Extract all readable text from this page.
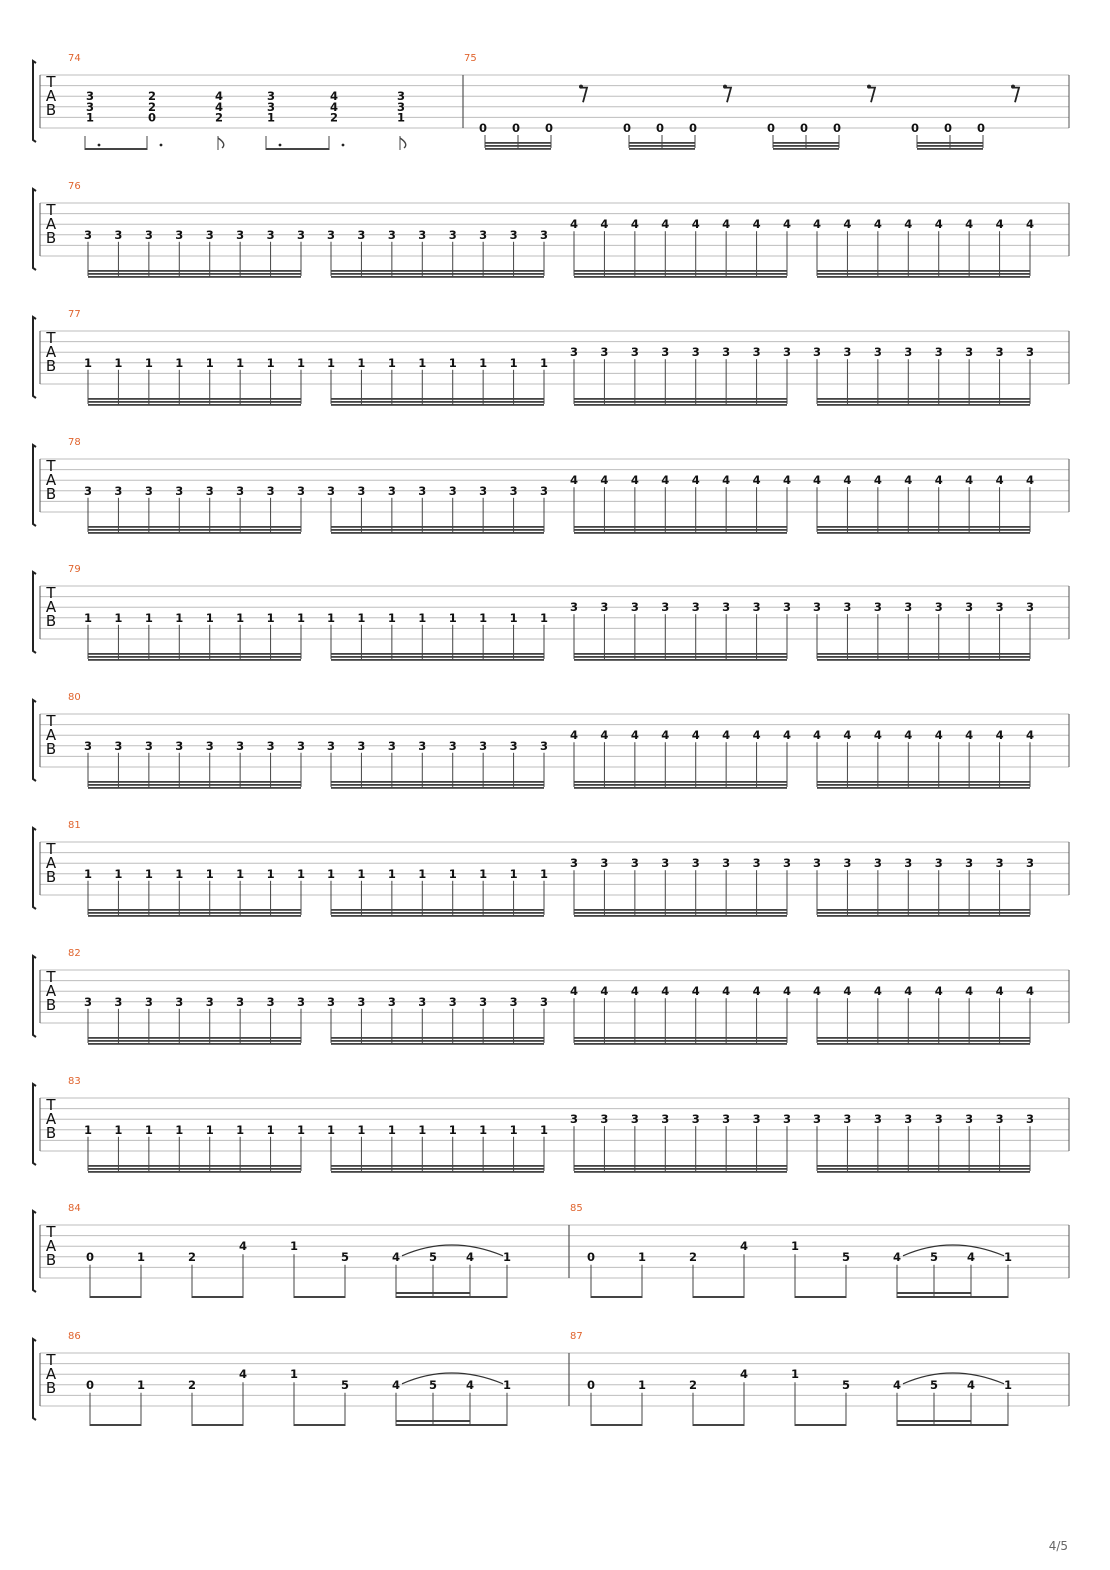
T
A
B
74
3
3
1
2
2
0
4
4
2
3
3
1
4
4
2
3
3
1
75
0 0 0	0 0 0	0 0 0	0 0 0
T
A
B
76
3 3 3 3 3 3 3 3 3 3 3 3 3 3 3 3
4 4 4 4 4 4 4 4 4 4 4 4 4 4 4 4
T
A
B
77
1 1 1 1 1 1 1 1 1 1 1 1 1 1 1 1
3 3 3 3 3 3 3 3 3 3 3 3 3 3 3 3
T
A
B
78
3 3 3 3 3 3 3 3 3 3 3 3 3 3 3 3
4 4 4 4 4 4 4 4 4 4 4 4 4 4 4 4
T
A
B
79
1 1 1 1 1 1 1 1 1 1 1 1 1 1 1 1
3 3 3 3 3 3 3 3 3 3 3 3 3 3 3 3
T
A
B
80
3 3 3 3 3 3 3 3 3 3 3 3 3 3 3 3
4 4 4 4 4 4 4 4 4 4 4 4 4 4 4 4
T
A
B
81
1 1 1 1 1 1 1 1 1 1 1 1 1 1 1 1
3 3 3 3 3 3 3 3 3 3 3 3 3 3 3 3
T
A
B
82
3 3 3 3 3 3 3 3 3 3 3 3 3 3 3 3
4 4 4 4 4 4 4 4 4 4 4 4 4 4 4 4
T
A
B
83
1 1 1 1 1 1 1 1 1 1 1 1 1 1 1 1
3 3 3 3 3 3 3 3 3 3 3 3 3 3 3 3
T
A
B
84
0	1	2
4	1
5	4	5	4	1
85
0	1	2
4	1
5	4	5	4	1
T
A
B
86
0	1	2
4	1
5	4	5	4	1
87
0	1	2
4	1
5	4	5	4	1
4/5
